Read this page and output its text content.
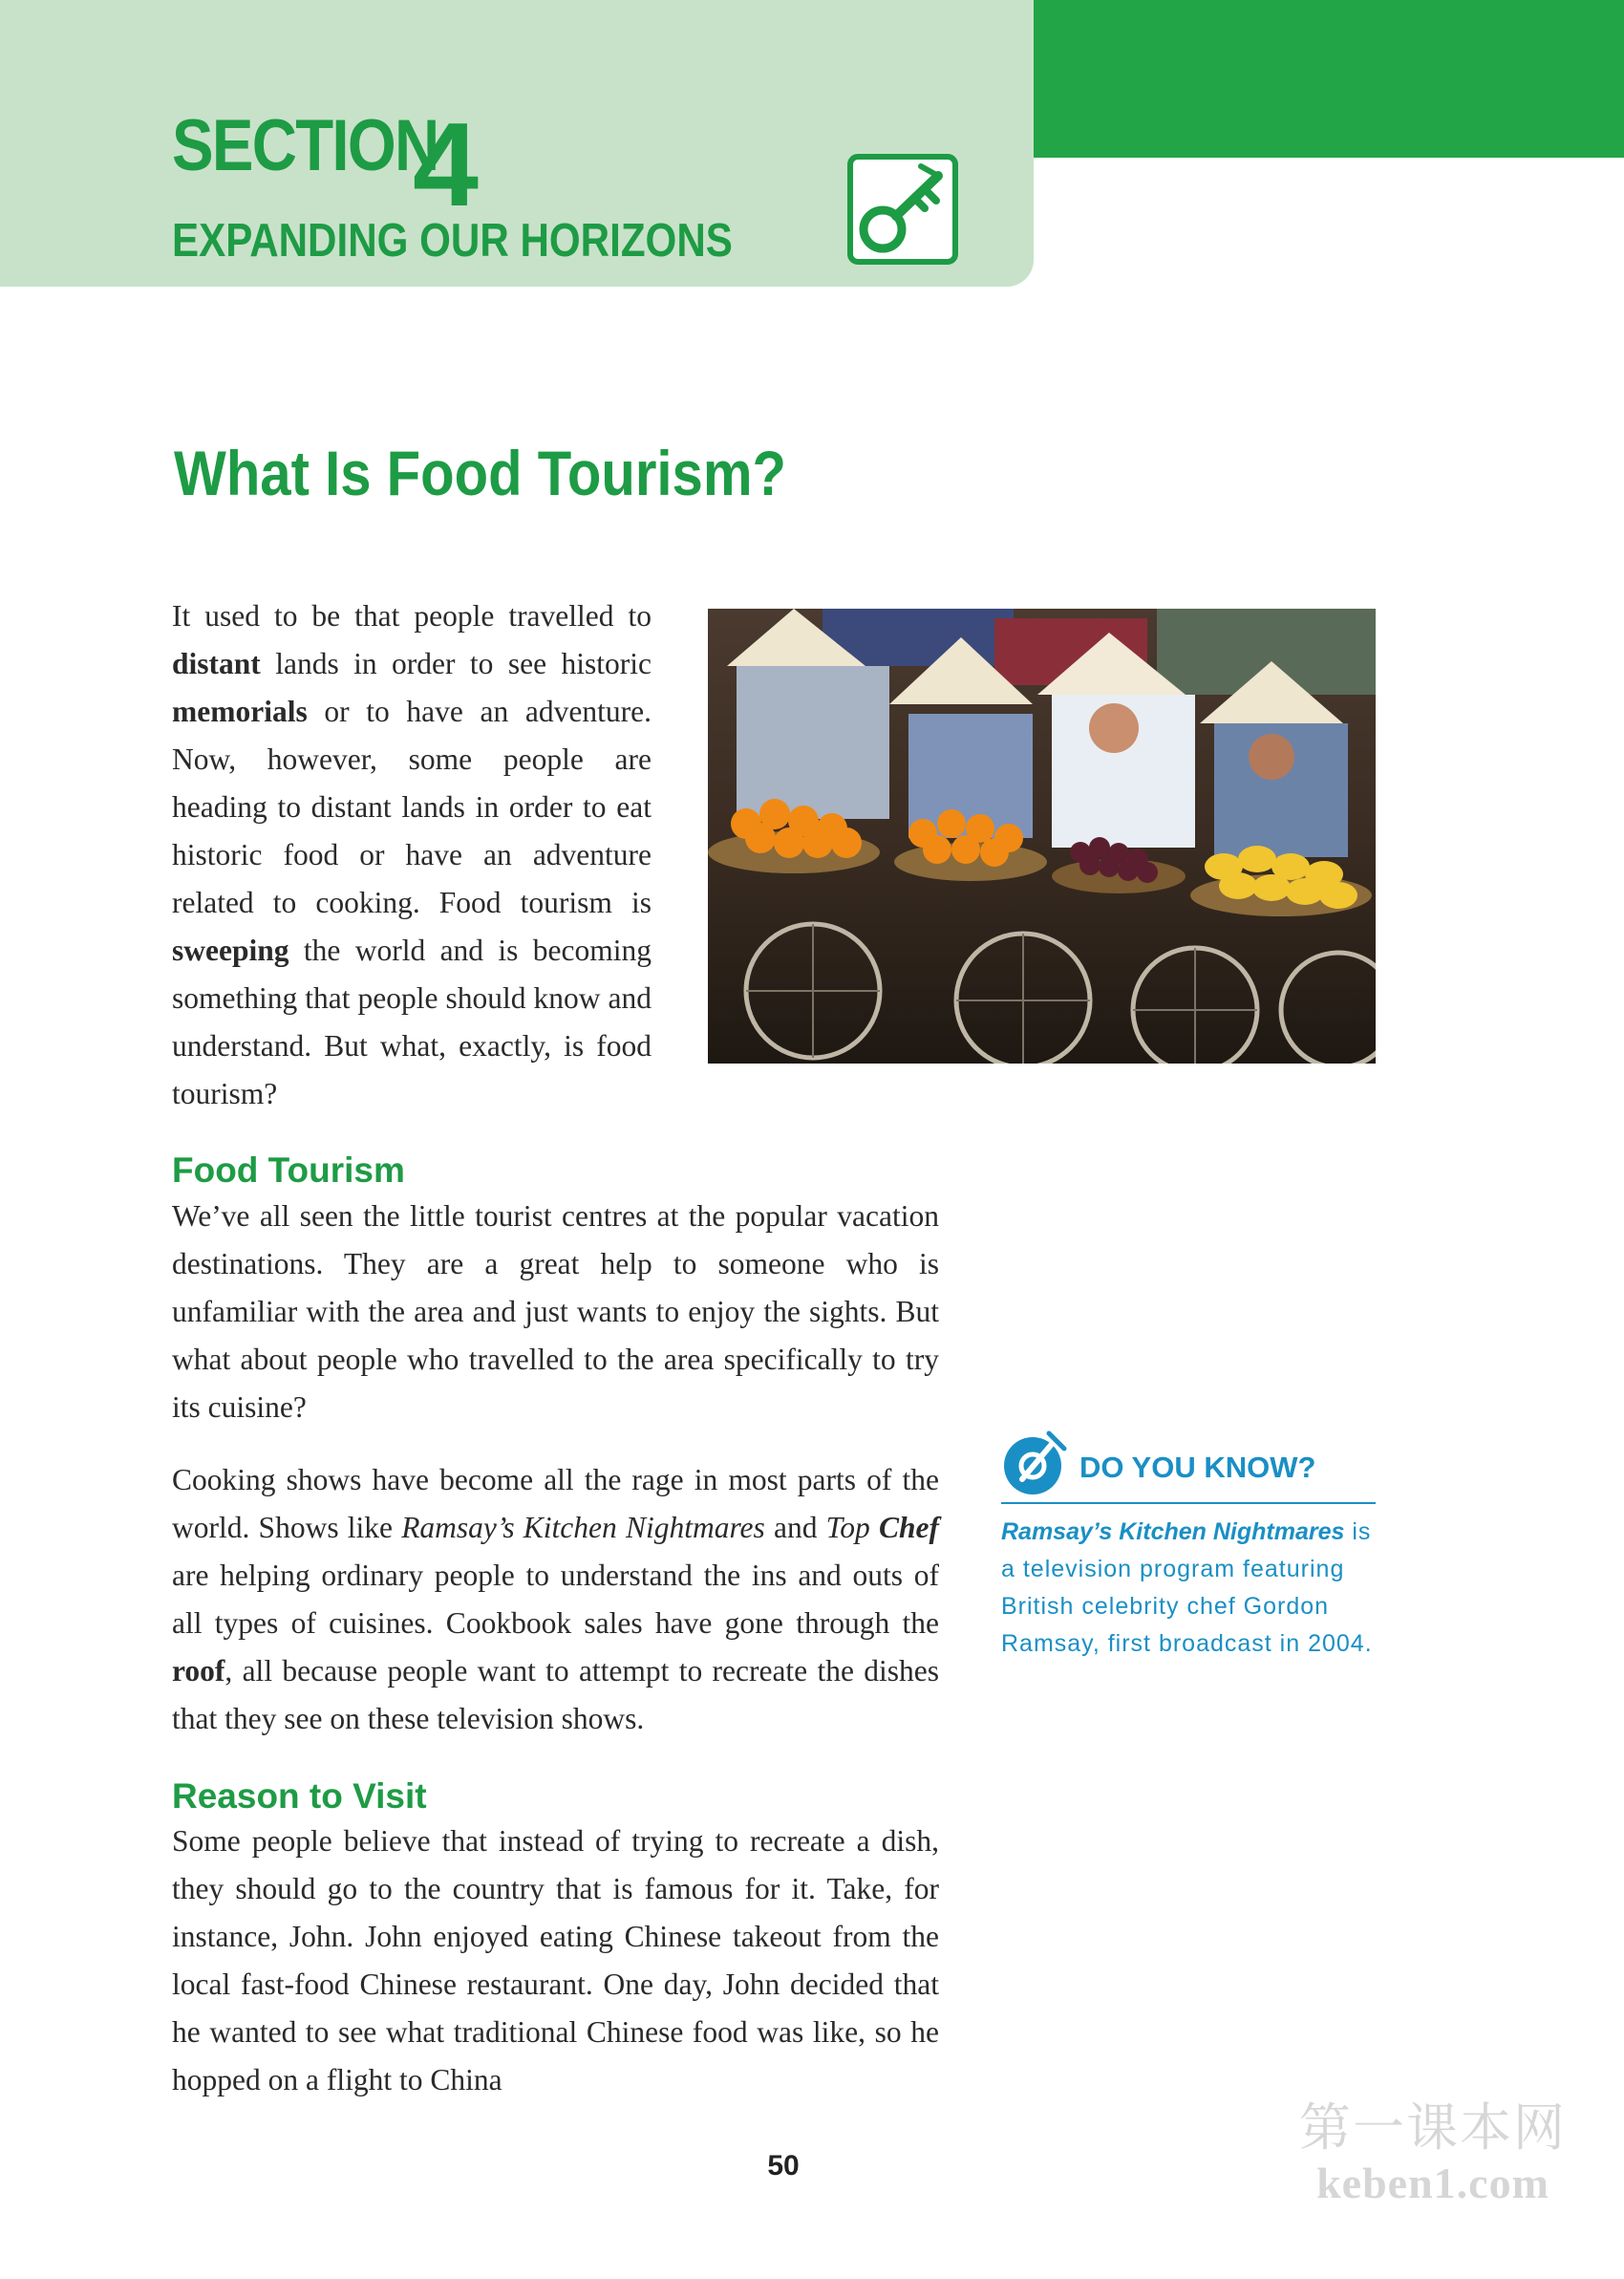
SECTION
4
EXPANDING OUR HORIZONS
What Is Food Tourism?

It used to be that people travelled to distant lands in order to see historic memorials or to have an adventure. Now, however, some people are heading to distant lands in order to eat historic food or have an adventure related to cooking. Food tourism is sweeping the world and is becoming something that people should know and understand. But what, exactly, is food tourism?

Food Tourism

We’ve all seen the little tourist centres at the popular vacation destinations. They are a great help to someone who is unfamiliar with the area and just wants to enjoy the sights. But what about people who travelled to the area specifically to try its cuisine?

Cooking shows have become all the rage in most parts of the world. Shows like Ramsay’s Kitchen Nightmares and Top Chef are helping ordinary people to understand the ins and outs of all types of cuisines. Cookbook sales have gone through the roof, all because people want to attempt to recreate the dishes that they see on these television shows.

Reason to Visit

Some people believe that instead of trying to recreate a dish, they should go to the country that is famous for it. Take, for instance, John. John enjoyed eating Chinese takeout from the local fast-food Chinese restaurant. One day, John decided that he wanted to see what traditional Chinese food was like, so he hopped on a flight to China

DO YOU KNOW?

Ramsay’s Kitchen Nightmares is a television program featuring British celebrity chef Gordon Ramsay, first broadcast in 2004.

50
第一课本网
keben1.com
